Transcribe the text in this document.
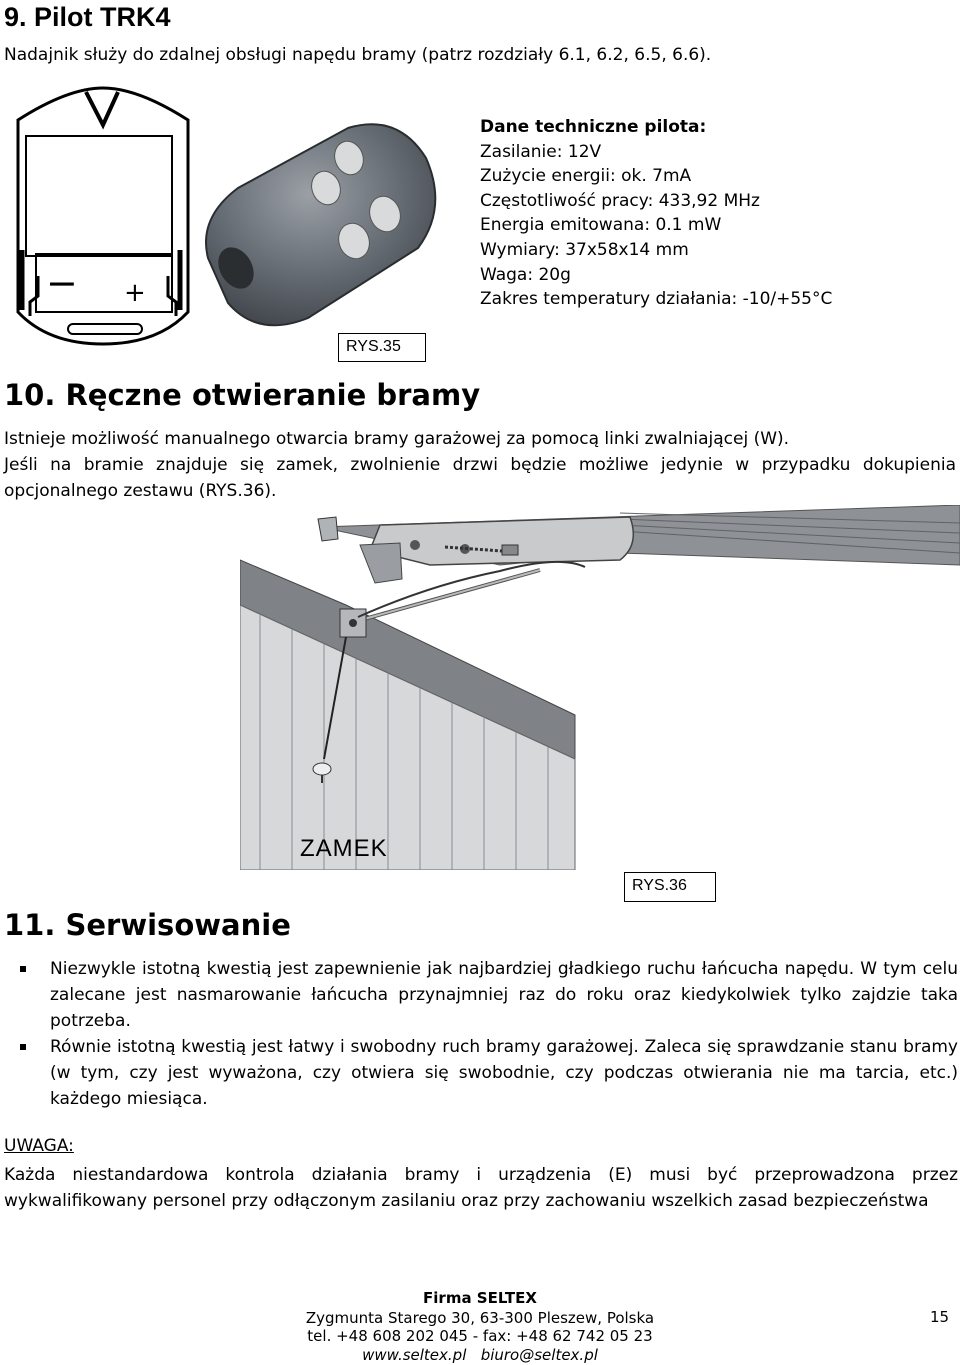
9. Pilot TRK4
Nadajnik służy do zdalnej obsługi napędu bramy (patrz rozdziały 6.1, 6.2, 6.5, 6.6).
− +
RYS.35
Dane techniczne pilota:
Zasilanie: 12V
Zużycie energii: ok. 7mA
Częstotliwość pracy: 433,92 MHz
Energia emitowana: 0.1 mW
Wymiary: 37x58x14 mm
Waga: 20g
Zakres temperatury działania: -10/+55°C
10. Ręczne otwieranie bramy
Istnieje możliwość manualnego otwarcia bramy garażowej za pomocą linki zwalniającej (W).
Jeśli na bramie znajduje się zamek, zwolnienie drzwi będzie możliwe jedynie w przypadku dokupienia opcjonalnego zestawu (RYS.36).
ZAMEK
RYS.36
11. Serwisowanie
Niezwykle istotną kwestią jest zapewnienie jak najbardziej gładkiego ruchu łańcucha napędu. W tym celu zalecane jest nasmarowanie łańcucha przynajmniej raz do roku oraz kiedykolwiek tylko zajdzie taka potrzeba.
Równie istotną kwestią jest łatwy i swobodny ruch bramy garażowej. Zaleca się sprawdzanie stanu bramy (w tym, czy jest wyważona, czy otwiera się swobodnie, czy podczas otwierania nie ma tarcia, etc.) każdego miesiąca.
UWAGA:
Każda niestandardowa kontrola działania bramy i urządzenia (E) musi być przeprowadzona przez wykwalifikowany personel przy odłączonym zasilaniu oraz przy zachowaniu wszelkich zasad bezpieczeństwa
Firma SELTEX
Zygmunta Starego 30, 63-300 Pleszew, Polska
tel. +48 608 202 045 - fax: +48 62 742 05 23
www.seltex.pl biuro@seltex.pl
15
